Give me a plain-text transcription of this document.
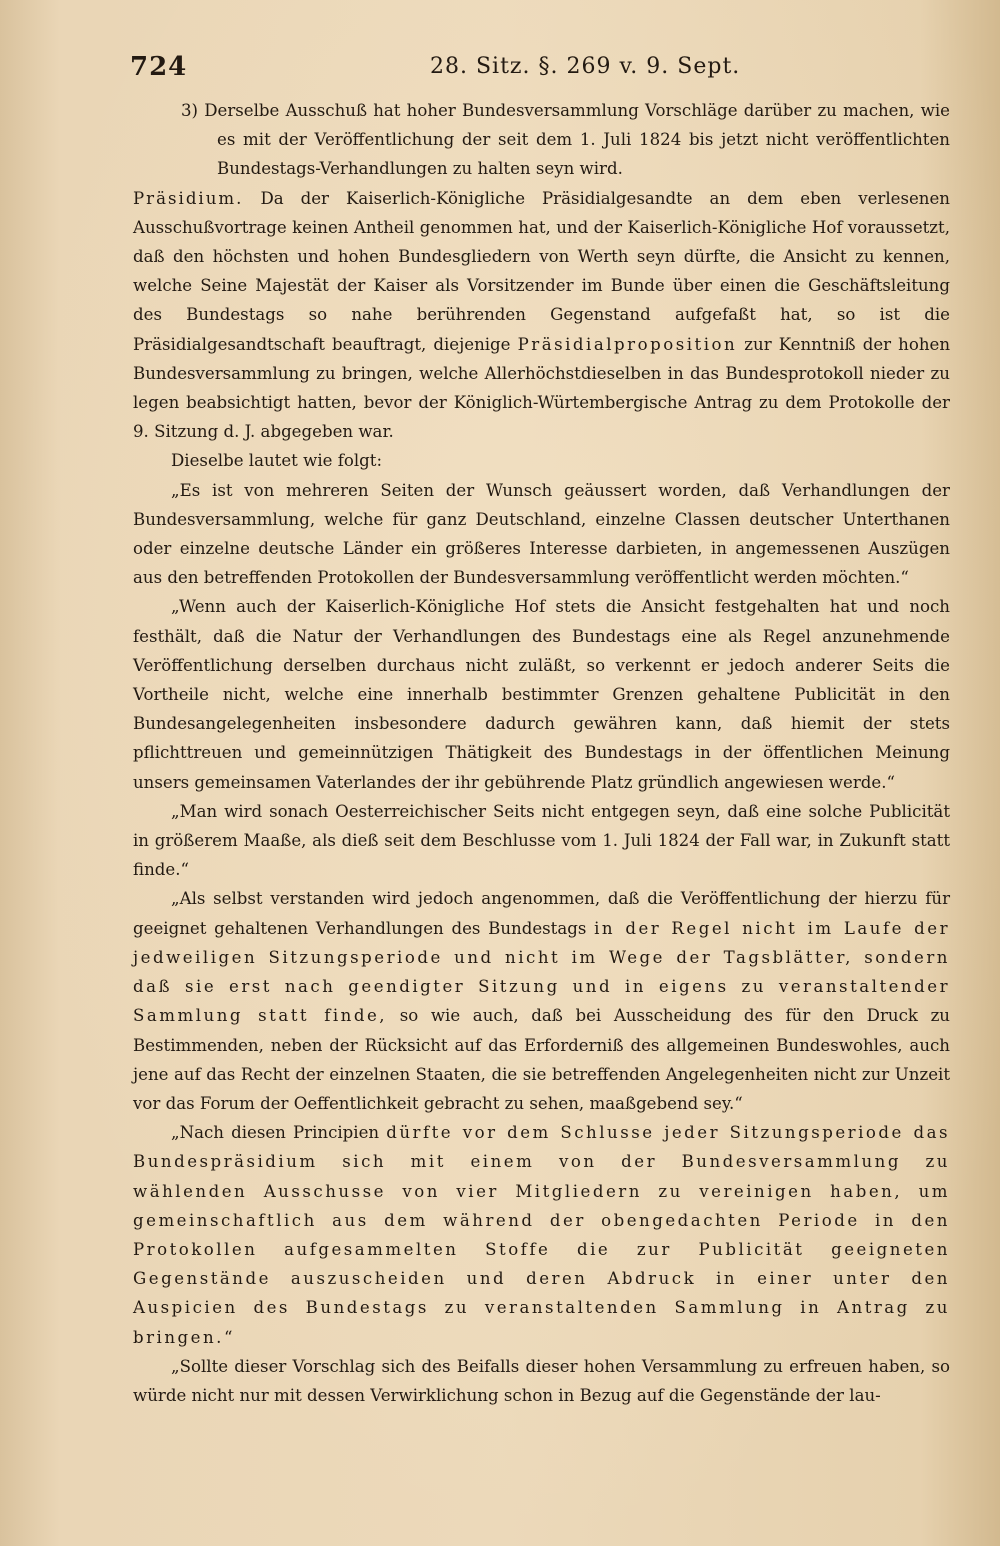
724	28. Sitz. §. 269 v. 9. Sept.

3) Derselbe Ausschuß hat hoher Bundesversammlung Vorschläge darüber zu machen, wie es mit der Veröffentlichung der seit dem 1. Juli 1824 bis jetzt nicht veröffentlichten Bundestags-Verhandlungen zu halten seyn wird.

Präsidium. Da der Kaiserlich-Königliche Präsidialgesandte an dem eben verlesenen Ausschußvortrage keinen Antheil genommen hat, und der Kaiserlich-Königliche Hof voraussetzt, daß den höchsten und hohen Bundesgliedern von Werth seyn dürfte, die Ansicht zu kennen, welche Seine Majestät der Kaiser als Vorsitzender im Bunde über einen die Geschäftsleitung des Bundestags so nahe berührenden Gegenstand aufgefaßt hat, so ist die Präsidialgesandtschaft beauftragt, diejenige Präsidialproposition zur Kenntniß der hohen Bundesversammlung zu bringen, welche Allerhöchstdieselben in das Bundesprotokoll nieder zu legen beabsichtigt hatten, bevor der Königlich-Würtembergische Antrag zu dem Protokolle der 9. Sitzung d. J. abgegeben war.

Dieselbe lautet wie folgt:

„Es ist von mehreren Seiten der Wunsch geäussert worden, daß Verhandlungen der Bundesversammlung, welche für ganz Deutschland, einzelne Classen deutscher Unterthanen oder einzelne deutsche Länder ein größeres Interesse darbieten, in angemessenen Auszügen aus den betreffenden Protokollen der Bundesversammlung veröffentlicht werden möchten.“

„Wenn auch der Kaiserlich-Königliche Hof stets die Ansicht festgehalten hat und noch festhält, daß die Natur der Verhandlungen des Bundestags eine als Regel anzunehmende Veröffentlichung derselben durchaus nicht zuläßt, so verkennt er jedoch anderer Seits die Vortheile nicht, welche eine innerhalb bestimmter Grenzen gehaltene Publicität in den Bundesangelegenheiten insbesondere dadurch gewähren kann, daß hiemit der stets pflichttreuen und gemeinnützigen Thätigkeit des Bundestags in der öffentlichen Meinung unsers gemeinsamen Vaterlandes der ihr gebührende Platz gründlich angewiesen werde.“

„Man wird sonach Oesterreichischer Seits nicht entgegen seyn, daß eine solche Publicität in größerem Maaße, als dieß seit dem Beschlusse vom 1. Juli 1824 der Fall war, in Zukunft statt finde.“

„Als selbst verstanden wird jedoch angenommen, daß die Veröffentlichung der hierzu für geeignet gehaltenen Verhandlungen des Bundestags in der Regel nicht im Laufe der jedweiligen Sitzungsperiode und nicht im Wege der Tagsblätter, sondern daß sie erst nach geendigter Sitzung und in eigens zu veranstaltender Sammlung statt finde, so wie auch, daß bei Ausscheidung des für den Druck zu Bestimmenden, neben der Rücksicht auf das Erforderniß des allgemeinen Bundeswohles, auch jene auf das Recht der einzelnen Staaten, die sie betreffenden Angelegenheiten nicht zur Unzeit vor das Forum der Oeffentlichkeit gebracht zu sehen, maaßgebend sey.“

„Nach diesen Principien dürfte vor dem Schlusse jeder Sitzungsperiode das Bundespräsidium sich mit einem von der Bundesversammlung zu wählenden Ausschusse von vier Mitgliedern zu vereinigen haben, um gemeinschaftlich aus dem während der obengedachten Periode in den Protokollen aufgesammelten Stoffe die zur Publicität geeigneten Gegenstände auszuscheiden und deren Abdruck in einer unter den Auspicien des Bundestags zu veranstaltenden Sammlung in Antrag zu bringen.“

„Sollte dieser Vorschlag sich des Beifalls dieser hohen Versammlung zu erfreuen haben, so würde nicht nur mit dessen Verwirklichung schon in Bezug auf die Gegenstände der lau-
